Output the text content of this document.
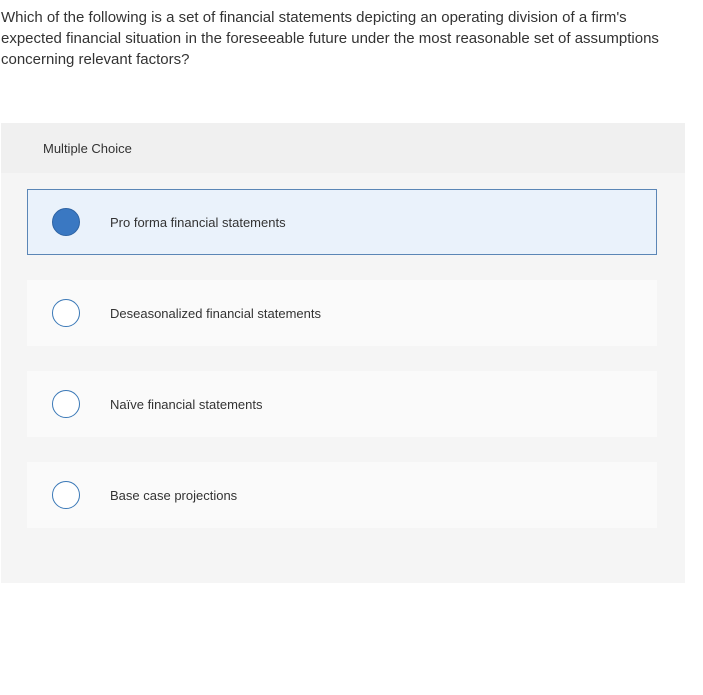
Which of the following is a set of financial statements depicting an operating division of a firm's expected financial situation in the foreseeable future under the most reasonable set of assumptions concerning relevant factors?

Multiple Choice
Pro forma financial statements
Deseasonalized financial statements
Naïve financial statements
Base case projections
